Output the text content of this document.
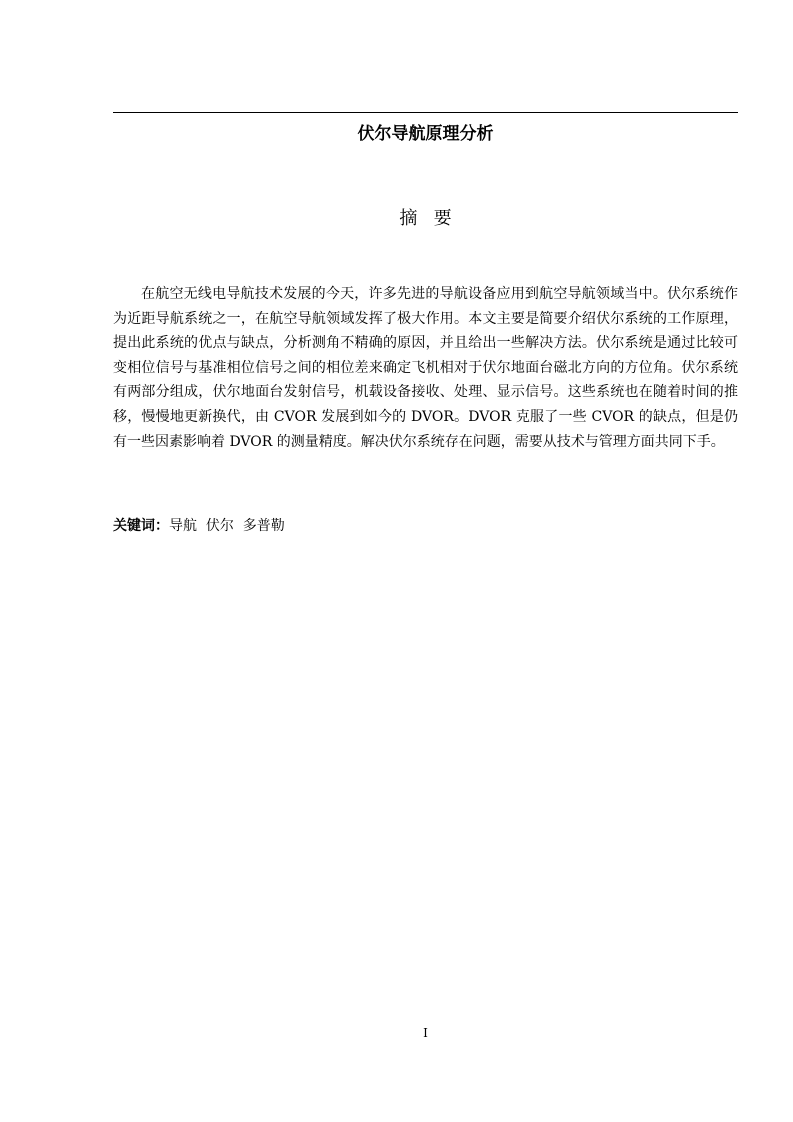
伏尔导航原理分析
摘要

在航空无线电导航技术发展的今天，许多先进的导航设备应用到航空导航领域当中。伏尔系统作为近距导航系统之一，在航空导航领域发挥了极大作用。本文主要是简要介绍伏尔系统的工作原理，提出此系统的优点与缺点，分析测角不精确的原因，并且给出一些解决方法。伏尔系统是通过比较可变相位信号与基准相位信号之间的相位差来确定飞机相对于伏尔地面台磁北方向的方位角。伏尔系统有两部分组成，伏尔地面台发射信号，机载设备接收、处理、显示信号。这些系统也在随着时间的推移，慢慢地更新换代，由 CVOR 发展到如今的 DVOR。DVOR 克服了一些 CVOR 的缺点，但是仍有一些因素影响着 DVOR 的测量精度。解决伏尔系统存在问题，需要从技术与管理方面共同下手。

关键词：导航  伏尔  多普勒
I
